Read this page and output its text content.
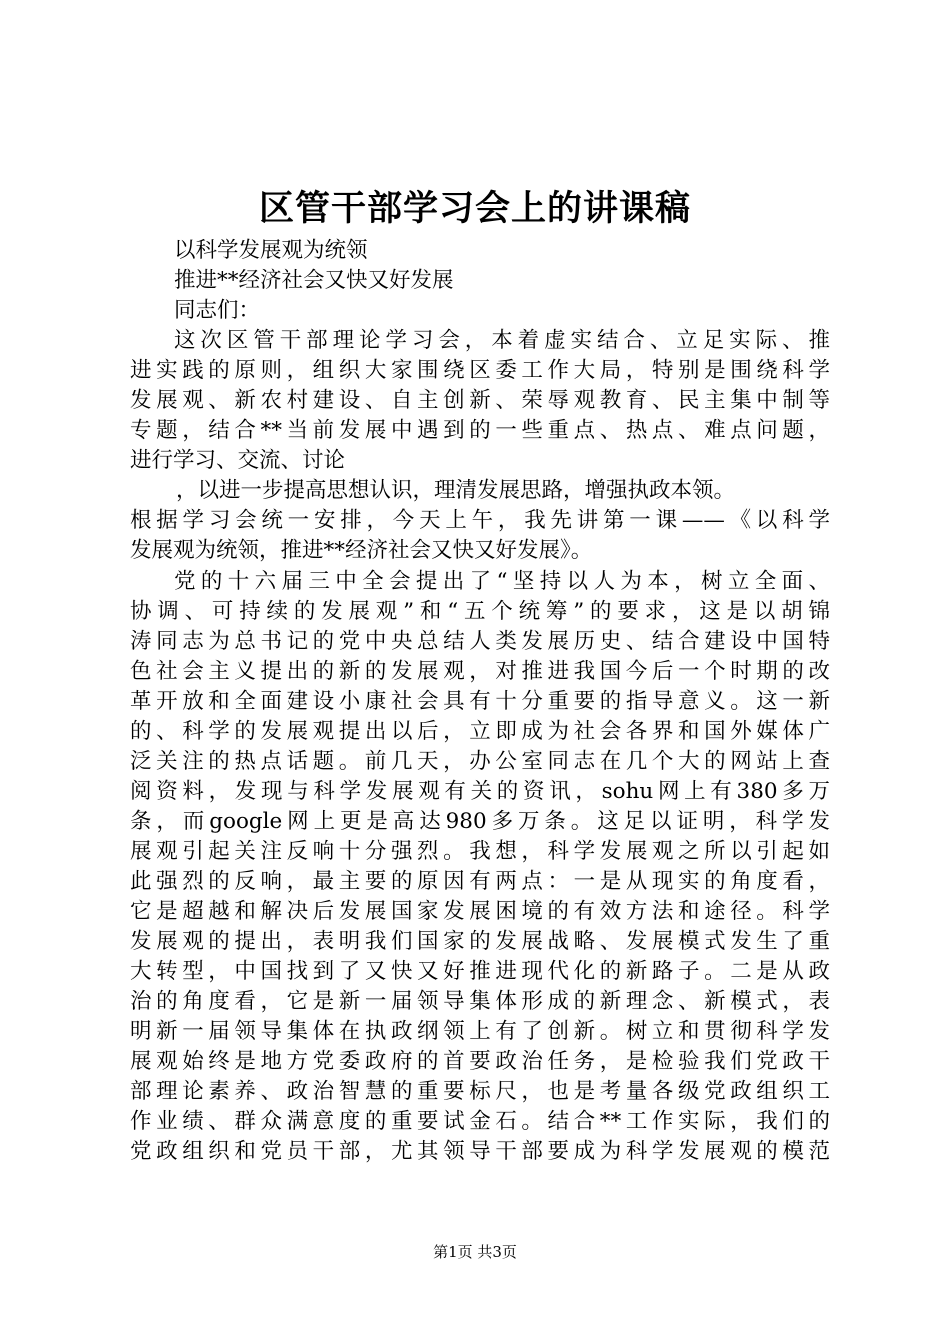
区管干部学习会上的讲课稿
以科学发展观为统领
推进**经济社会又快又好发展
同志们：
这次区管干部理论学习会，本着虚实结合、立足实际、推
进实践的原则，组织大家围绕区委工作大局，特别是围绕科学
发展观、新农村建设、自主创新、荣辱观教育、民主集中制等
专题，结合**当前发展中遇到的一些重点、热点、难点问题，
进行学习、交流、讨论
，以进一步提高思想认识，理清发展思路，增强执政本领。
根据学习会统一安排，今天上午，我先讲第一课——《以科学
发展观为统领，推进**经济社会又快又好发展》。
党的十六届三中全会提出了“坚持以人为本，树立全面、
协调、可持续的发展观”和“五个统筹”的要求，这是以胡锦
涛同志为总书记的党中央总结人类发展历史、结合建设中国特
色社会主义提出的新的发展观，对推进我国今后一个时期的改
革开放和全面建设小康社会具有十分重要的指导意义。这一新
的、科学的发展观提出以后，立即成为社会各界和国外媒体广
泛关注的热点话题。前几天，办公室同志在几个大的网站上查
阅资料，发现与科学发展观有关的资讯，sohu网上有380多万
条，而google网上更是高达980多万条。这足以证明，科学发
展观引起关注反响十分强烈。我想，科学发展观之所以引起如
此强烈的反响，最主要的原因有两点：一是从现实的角度看，
它是超越和解决后发展国家发展困境的有效方法和途径。科学
发展观的提出，表明我们国家的发展战略、发展模式发生了重
大转型，中国找到了又快又好推进现代化的新路子。二是从政
治的角度看，它是新一届领导集体形成的新理念、新模式，表
明新一届领导集体在执政纲领上有了创新。树立和贯彻科学发
展观始终是地方党委政府的首要政治任务，是检验我们党政干
部理论素养、政治智慧的重要标尺，也是考量各级党政组织工
作业绩、群众满意度的重要试金石。结合**工作实际，我们的
党政组织和党员干部，尤其领导干部要成为科学发展观的模范
第1页 共3页
